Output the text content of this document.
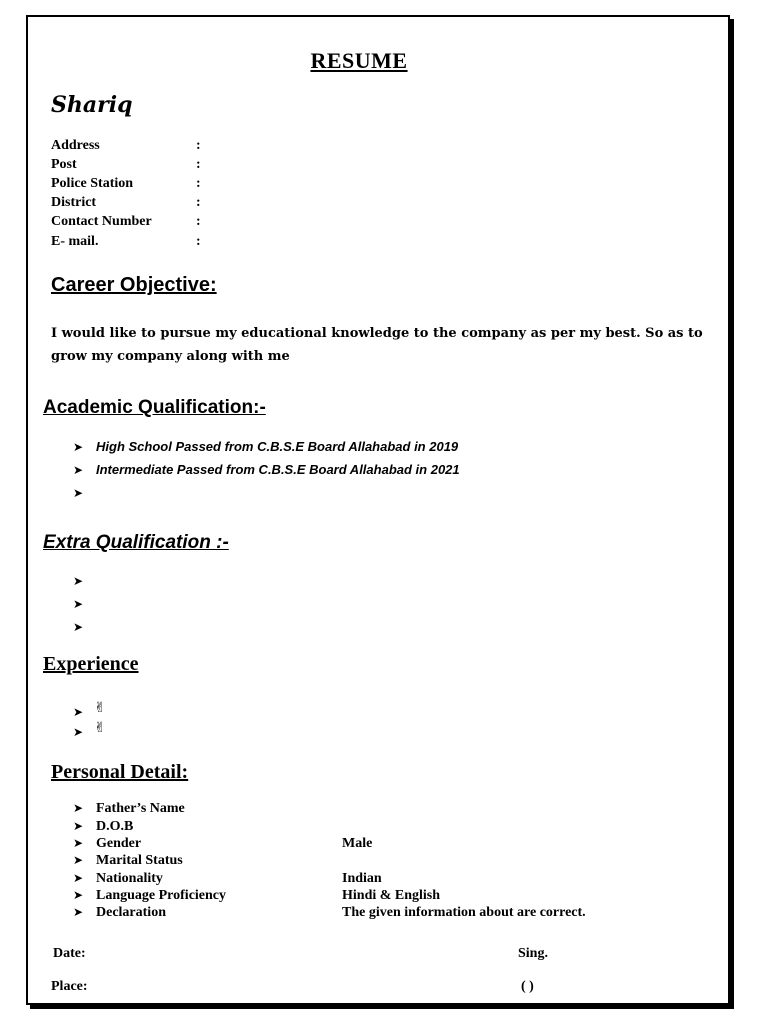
RESUME
Shariq
Address	:
Post	:
Police Station	:
District	:
Contact Number	:
E- mail.	:
Career Objective:
I would like to pursue my educational knowledge to the company as per my best. So as to grow my company along with me
Academic Qualification:-
➤ High School Passed from C.B.S.E Board Allahabad in 2019
➤ Intermediate Passed from C.B.S.E Board Allahabad in 2021
➤
Extra Qualification :-
➤
➤
➤
Experience
➤ ✌
➤ ✌
Personal Detail:
➤ Father’s Name
➤ D.O.B
➤ Gender	Male
➤ Marital Status
➤ Nationality	Indian
➤ Language Proficiency	Hindi & English
➤ Declaration	The given information about are correct.
Date:	Sing.
Place:	( )
